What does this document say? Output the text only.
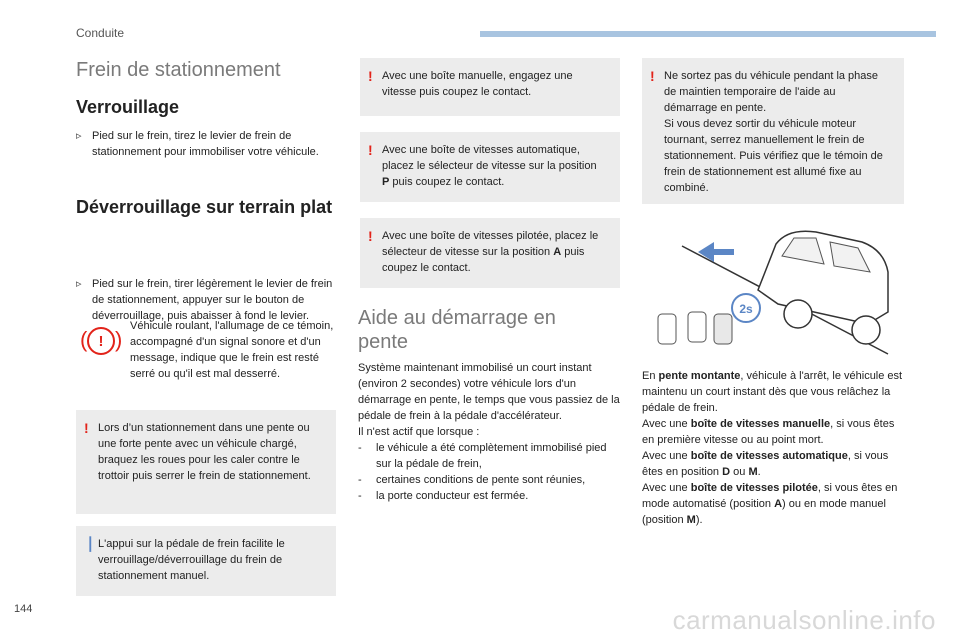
Conduite
Frein de stationnement
Verrouillage
▹ Pied sur le frein, tirez le levier de frein de stationnement pour immobiliser votre véhicule.
Déverrouillage sur terrain plat
▹ Pied sur le frein, tirer légèrement le levier de frein de stationnement, appuyer sur le bouton de déverrouillage, puis abaisser à fond le levier.
( ! )
Véhicule roulant, l'allumage de ce témoin, accompagné d'un signal sonore et d'un message, indique que le frein est resté serré ou qu'il est mal desserré.
! Lors d’un stationnement dans une pente ou une forte pente avec un véhicule chargé, braquez les roues pour les caler contre le trottoir puis serrer le frein de stationnement.
❘ L'appui sur la pédale de frein facilite le verrouillage/déverrouillage du frein de stationnement manuel.
! Avec une boîte manuelle, engagez une vitesse puis coupez le contact.
! Avec une boîte de vitesses automatique, placez le sélecteur de vitesse sur la position P puis coupez le contact.
! Avec une boîte de vitesses pilotée, placez le sélecteur de vitesse sur la position A puis coupez le contact.
Aide au démarrage en pente
Système maintenant immobilisé un court instant (environ 2 secondes) votre véhicule lors d'un démarrage en pente, le temps que vous passiez de la pédale de frein à la pédale d'accélérateur.
Il n'est actif que lorsque :
- le véhicule a été complètement immobilisé pied sur la pédale de frein,
- certaines conditions de pente sont réunies,
- la porte conducteur est fermée.
! Ne sortez pas du véhicule pendant la phase de maintien temporaire de l'aide au démarrage en pente.
Si vous devez sortir du véhicule moteur tournant, serrez manuellement le frein de stationnement. Puis vérifiez que le témoin de frein de stationnement est allumé fixe au combiné.
2s
En pente montante, véhicule à l'arrêt, le véhicule est maintenu un court instant dès que vous relâchez la pédale de frein.
Avec une boîte de vitesses manuelle, si vous êtes en première vitesse ou au point mort.
Avec une boîte de vitesses automatique, si vous êtes en position D ou M.
Avec une boîte de vitesses pilotée, si vous êtes en mode automatisé (position A) ou en mode manuel (position M).
144	carmanualsonline.info
